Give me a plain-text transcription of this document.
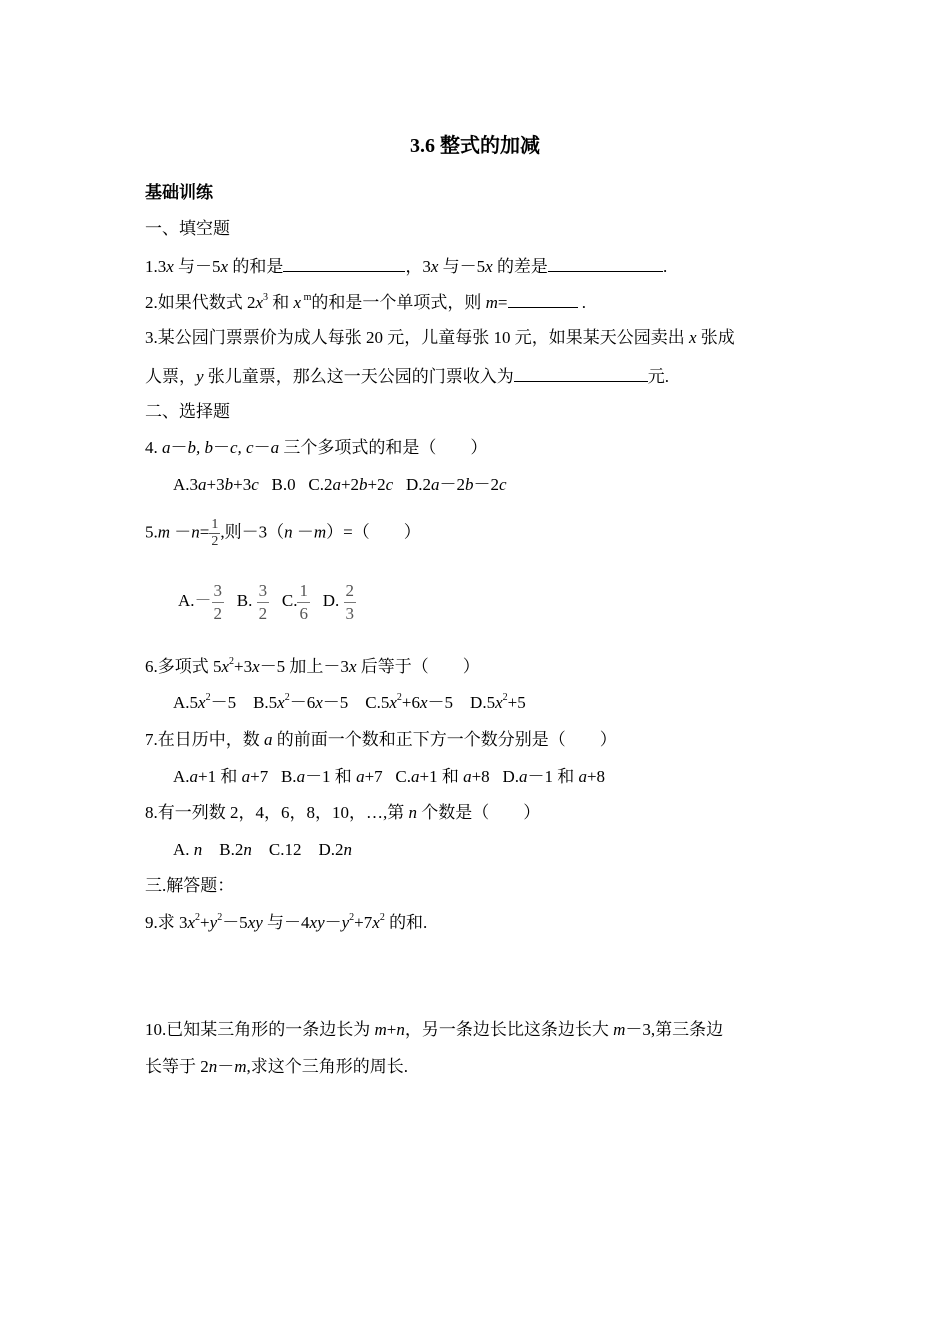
3.6 整式的加减
基础训练
一、填空题
1.3x 与－5x 的和是	，3x 与－5x 的差是	.
2.如果代数式 $2x^3$ 和 x $^m$的和是一个单项式，则 m=	.
3.某公园门票票价为成人每张 20 元，儿童每张 10 元，如果某天公园卖出 x 张成
人票，y 张儿童票，那么这一天公园的门票收入为	元.
二、选择题
4. a－b, b－c, c－a 三个多项式的和是（　　）
A.3a+3b+3c B.0 C.2a+2b+2c D.2a－2b－2c
$5.m -n= \frac{1}{2}$ ,则－3（n －m）=（　　）
$A.- \frac{3}{2} B$. $\frac{3}{2} C$. $\frac{1}{6} D$. $\frac{2}{3}$
6.多项式 $5x^2+3x-5$ 加上－3x 后等于（　　）
$A.5x^2-5$ $B.5x^2-6x-5$ $C.5x^2+6x-5$ $D.5x^2+5$
7.在日历中，数 a 的前面一个数和正下方一个数分别是（　　）
A.a+1 和 a+7 B.a－1 和 a+7 C.a+1 和 a+8 D.a－1 和 a+8
8.有一列数 2，4，6，8，10，…,第 n 个数是（　　）
A. n B.2n C.12 D.2n
三.解答题：
9.求 $3x^2+y^2-5xy$ 与$-4xy-y^2+7x^2$ 的和.
10.已知某三角形的一条边长为 m+n，另一条边长比这条边长大 m－3,第三条边
长等于 2n－m,求这个三角形的周长.
